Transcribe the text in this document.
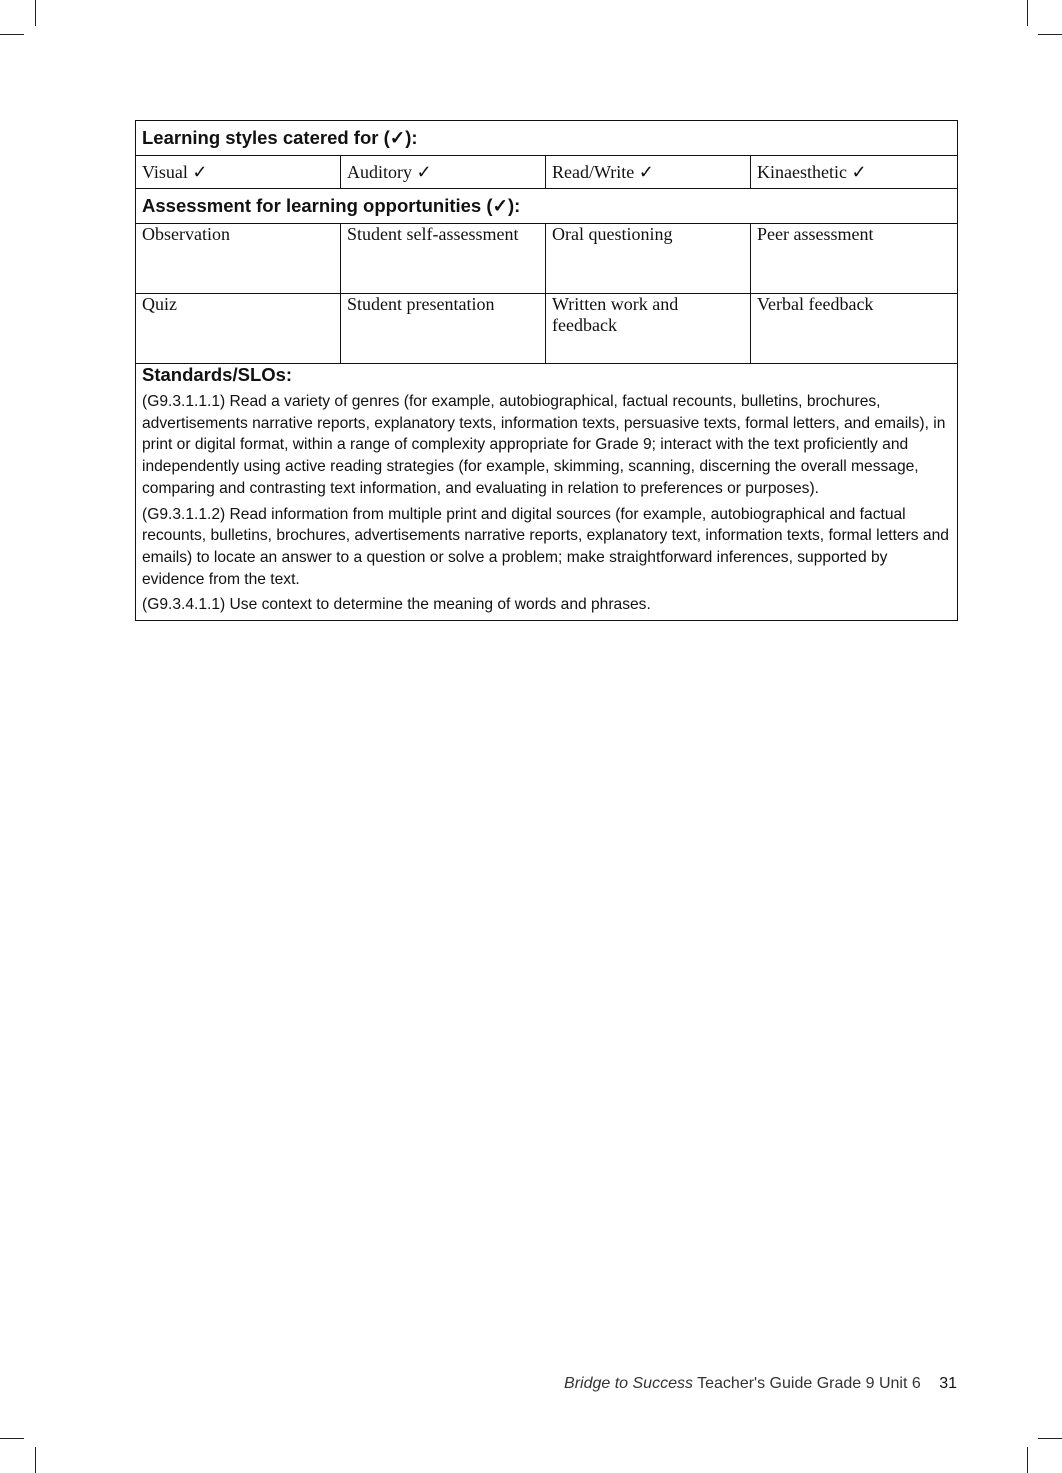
Learning styles catered for (✓):			
Visual ✓	Auditory ✓	Read/Write ✓	Kinaesthetic ✓
Assessment for learning opportunities (✓):			
Observation	Student self-assessment	Oral questioning	Peer assessment
Quiz	Student presentation	Written work and feedback	Verbal feedback

Standards/SLOs:

(G9.3.1.1.1) Read a variety of genres (for example, autobiographical, factual recounts, bulletins, brochures, advertisements narrative reports, explanatory texts, information texts, persuasive texts, formal letters, and emails), in print or digital format, within a range of complexity appropriate for Grade 9; interact with the text proficiently and independently using active reading strategies (for example, skimming, scanning, discerning the overall message, comparing and contrasting text information, and evaluating in relation to preferences or purposes).

(G9.3.1.1.2) Read information from multiple print and digital sources (for example, autobiographical and factual recounts, bulletins, brochures, advertisements narrative reports, explanatory text, information texts, formal letters and emails) to locate an answer to a question or solve a problem; make straightforward inferences, supported by evidence from the text.

(G9.3.4.1.1) Use context to determine the meaning of words and phrases.			

Bridge to Success Teacher's Guide Grade 9 Unit 6 31
